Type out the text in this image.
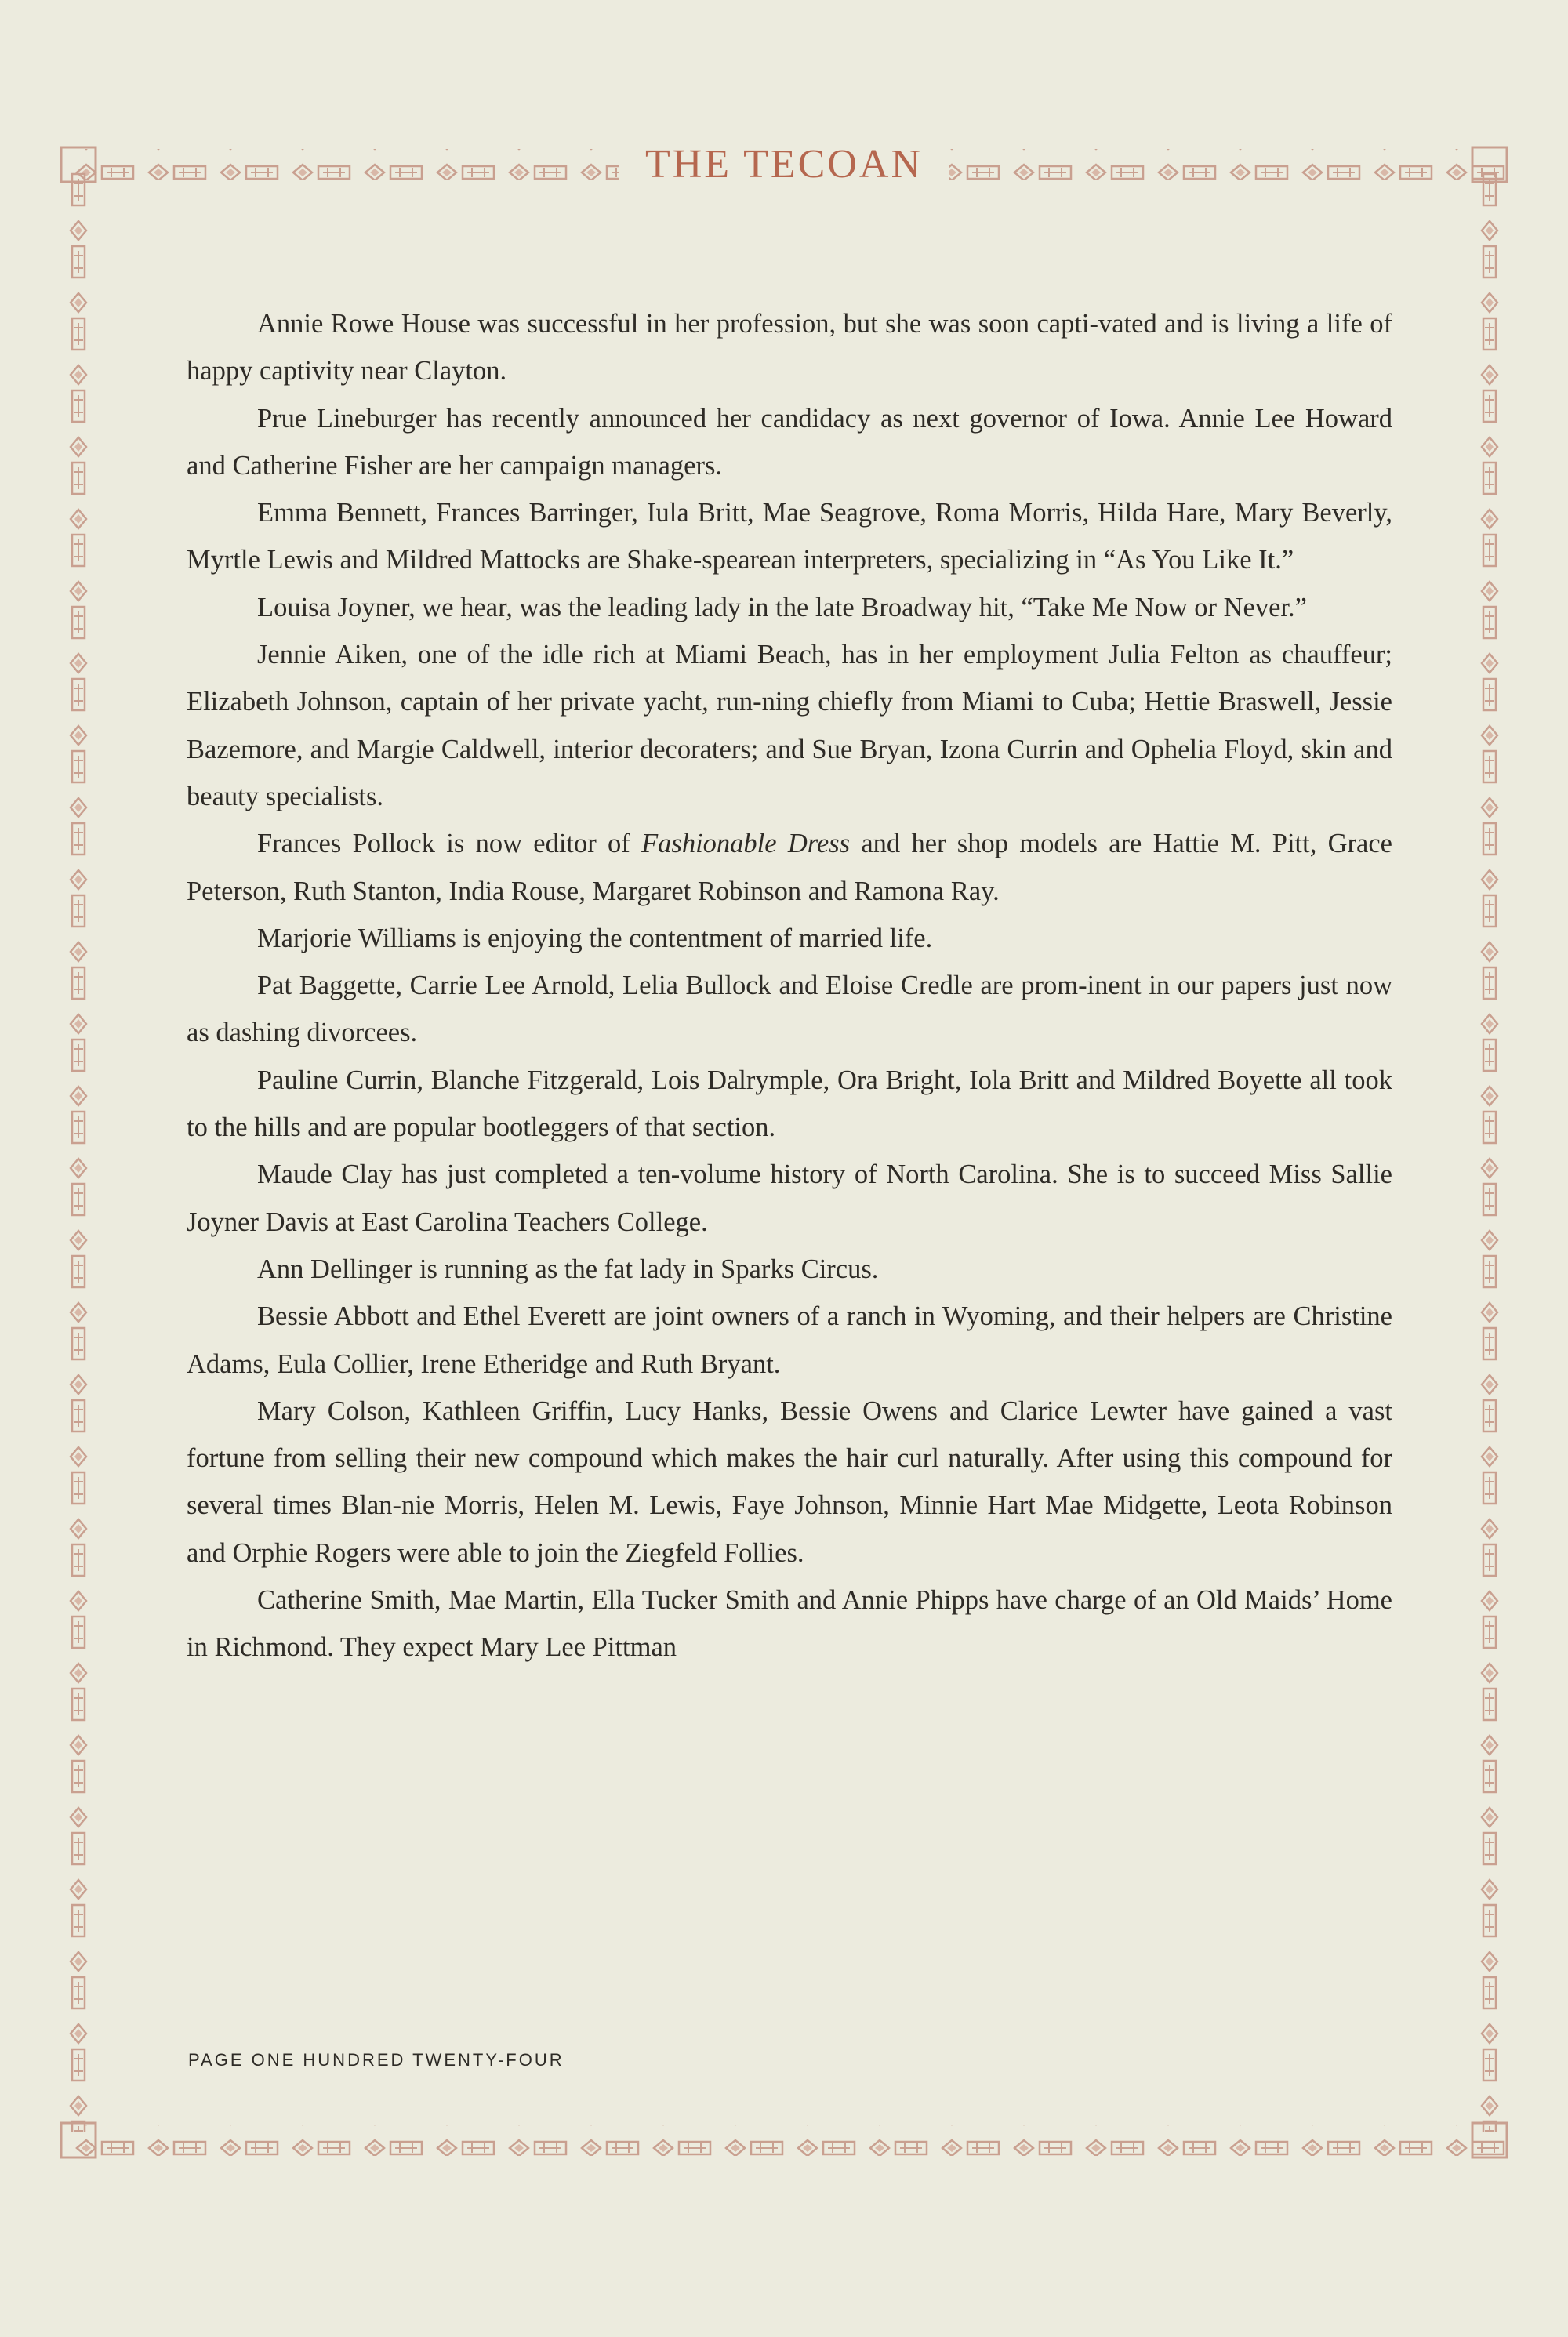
THE TECOAN

Annie Rowe House was successful in her profession, but she was soon capti-vated and is living a life of happy captivity near Clayton.

Prue Lineburger has recently announced her candidacy as next governor of Iowa. Annie Lee Howard and Catherine Fisher are her campaign managers.

Emma Bennett, Frances Barringer, Iula Britt, Mae Seagrove, Roma Morris, Hilda Hare, Mary Beverly, Myrtle Lewis and Mildred Mattocks are Shake-spearean interpreters, specializing in “As You Like It.”

Louisa Joyner, we hear, was the leading lady in the late Broadway hit, “Take Me Now or Never.”

Jennie Aiken, one of the idle rich at Miami Beach, has in her employment Julia Felton as chauffeur; Elizabeth Johnson, captain of her private yacht, run-ning chiefly from Miami to Cuba; Hettie Braswell, Jessie Bazemore, and Margie Caldwell, interior decoraters; and Sue Bryan, Izona Currin and Ophelia Floyd, skin and beauty specialists.

Frances Pollock is now editor of Fashionable Dress and her shop models are Hattie M. Pitt, Grace Peterson, Ruth Stanton, India Rouse, Margaret Robinson and Ramona Ray.

Marjorie Williams is enjoying the contentment of married life.

Pat Baggette, Carrie Lee Arnold, Lelia Bullock and Eloise Credle are prom-inent in our papers just now as dashing divorcees.

Pauline Currin, Blanche Fitzgerald, Lois Dalrymple, Ora Bright, Iola Britt and Mildred Boyette all took to the hills and are popular bootleggers of that section.

Maude Clay has just completed a ten-volume history of North Carolina. She is to succeed Miss Sallie Joyner Davis at East Carolina Teachers College.

Ann Dellinger is running as the fat lady in Sparks Circus.

Bessie Abbott and Ethel Everett are joint owners of a ranch in Wyoming, and their helpers are Christine Adams, Eula Collier, Irene Etheridge and Ruth Bryant.

Mary Colson, Kathleen Griffin, Lucy Hanks, Bessie Owens and Clarice Lewter have gained a vast fortune from selling their new compound which makes the hair curl naturally. After using this compound for several times Blan-nie Morris, Helen M. Lewis, Faye Johnson, Minnie Hart Mae Midgette, Leota Robinson and Orphie Rogers were able to join the Ziegfeld Follies.

Catherine Smith, Mae Martin, Ella Tucker Smith and Annie Phipps have charge of an Old Maids’ Home in Richmond. They expect Mary Lee Pittman

PAGE ONE HUNDRED TWENTY-FOUR
